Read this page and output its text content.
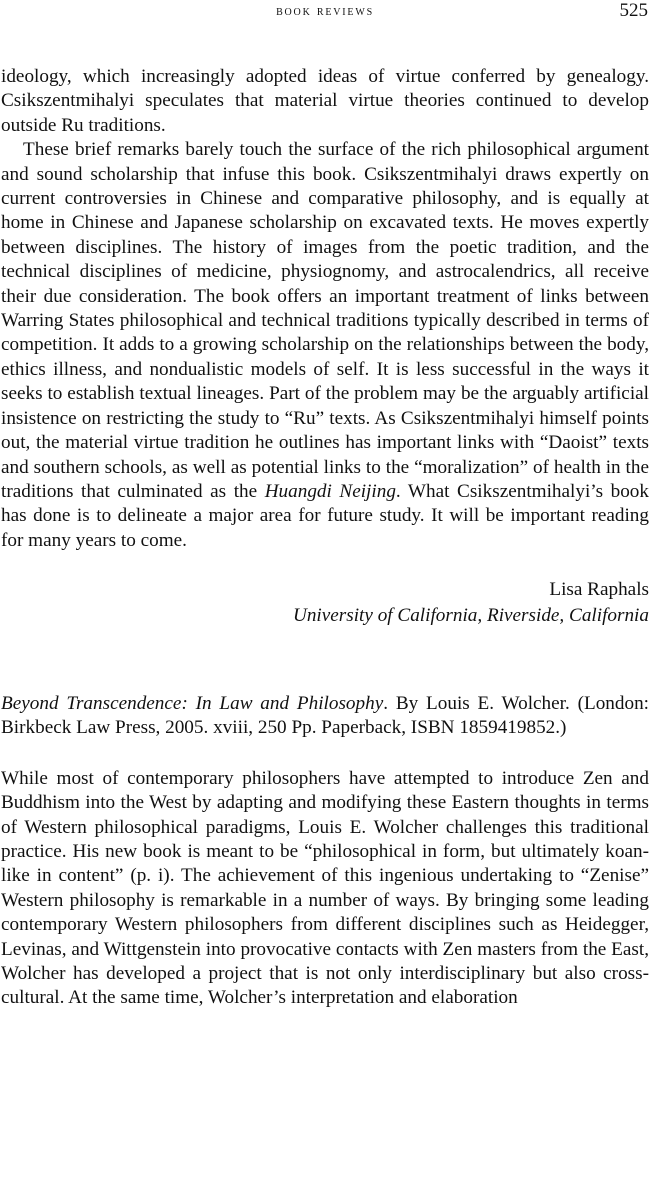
book reviews	525

ideology, which increasingly adopted ideas of virtue conferred by genealogy. Csikszentmihalyi speculates that material virtue theories continued to develop outside Ru traditions.

These brief remarks barely touch the surface of the rich philosophical argument and sound scholarship that infuse this book. Csikszentmihalyi draws expertly on current controversies in Chinese and comparative philosophy, and is equally at home in Chinese and Japanese scholarship on excavated texts. He moves expertly between disciplines. The history of images from the poetic tradition, and the technical disciplines of medicine, physiognomy, and astrocalendrics, all receive their due consideration. The book offers an important treatment of links between Warring States philosophical and technical traditions typically described in terms of competition. It adds to a growing scholarship on the relationships between the body, ethics illness, and nondualistic models of self. It is less successful in the ways it seeks to establish textual lineages. Part of the problem may be the arguably artificial insistence on restricting the study to “Ru” texts. As Csikszentmihalyi himself points out, the material virtue tradition he outlines has important links with “Daoist” texts and southern schools, as well as potential links to the “moralization” of health in the traditions that culminated as the Huangdi Neijing. What Csikszentmihalyi’s book has done is to delineate a major area for future study. It will be important reading for many years to come.

Lisa Raphals
University of California, Riverside, California
Beyond Transcendence: In Law and Philosophy. By Louis E. Wolcher. (London: Birkbeck Law Press, 2005. xviii, 250 Pp. Paperback, ISBN 1859419852.)

While most of contemporary philosophers have attempted to introduce Zen and Buddhism into the West by adapting and modifying these Eastern thoughts in terms of Western philosophical paradigms, Louis E. Wolcher challenges this traditional practice. His new book is meant to be “philosophical in form, but ultimately koan-like in content” (p. i). The achievement of this ingenious undertaking to “Zenise” Western philosophy is remarkable in a number of ways. By bringing some leading contemporary Western philosophers from different disciplines such as Heidegger, Levinas, and Wittgenstein into provocative contacts with Zen masters from the East, Wolcher has developed a project that is not only interdisciplinary but also cross-cultural. At the same time, Wolcher’s interpretation and elaboration
